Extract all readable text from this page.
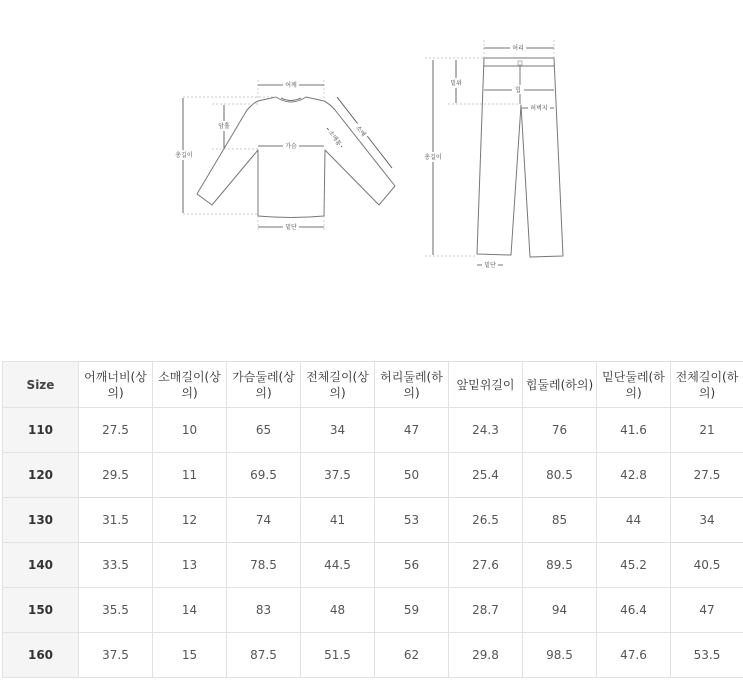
어깨
가슴
밑단
총길이
암홀	소매
소매통
허리
힙
허벅지
밑위
총길이
밑단
Size	어깨너비(상의)	소매길이(상의)	가슴둘레(상의)	전체길이(상의)	허리둘레(하의)	앞밑위길이	힙둘레(하의)	밑단둘레(하의)	전체길이(하의)
110	27.5	10	65	34	47	24.3	76	41.6	21
120	29.5	11	69.5	37.5	50	25.4	80.5	42.8	27.5
130	31.5	12	74	41	53	26.5	85	44	34
140	33.5	13	78.5	44.5	56	27.6	89.5	45.2	40.5
150	35.5	14	83	48	59	28.7	94	46.4	47
160	37.5	15	87.5	51.5	62	29.8	98.5	47.6	53.5
